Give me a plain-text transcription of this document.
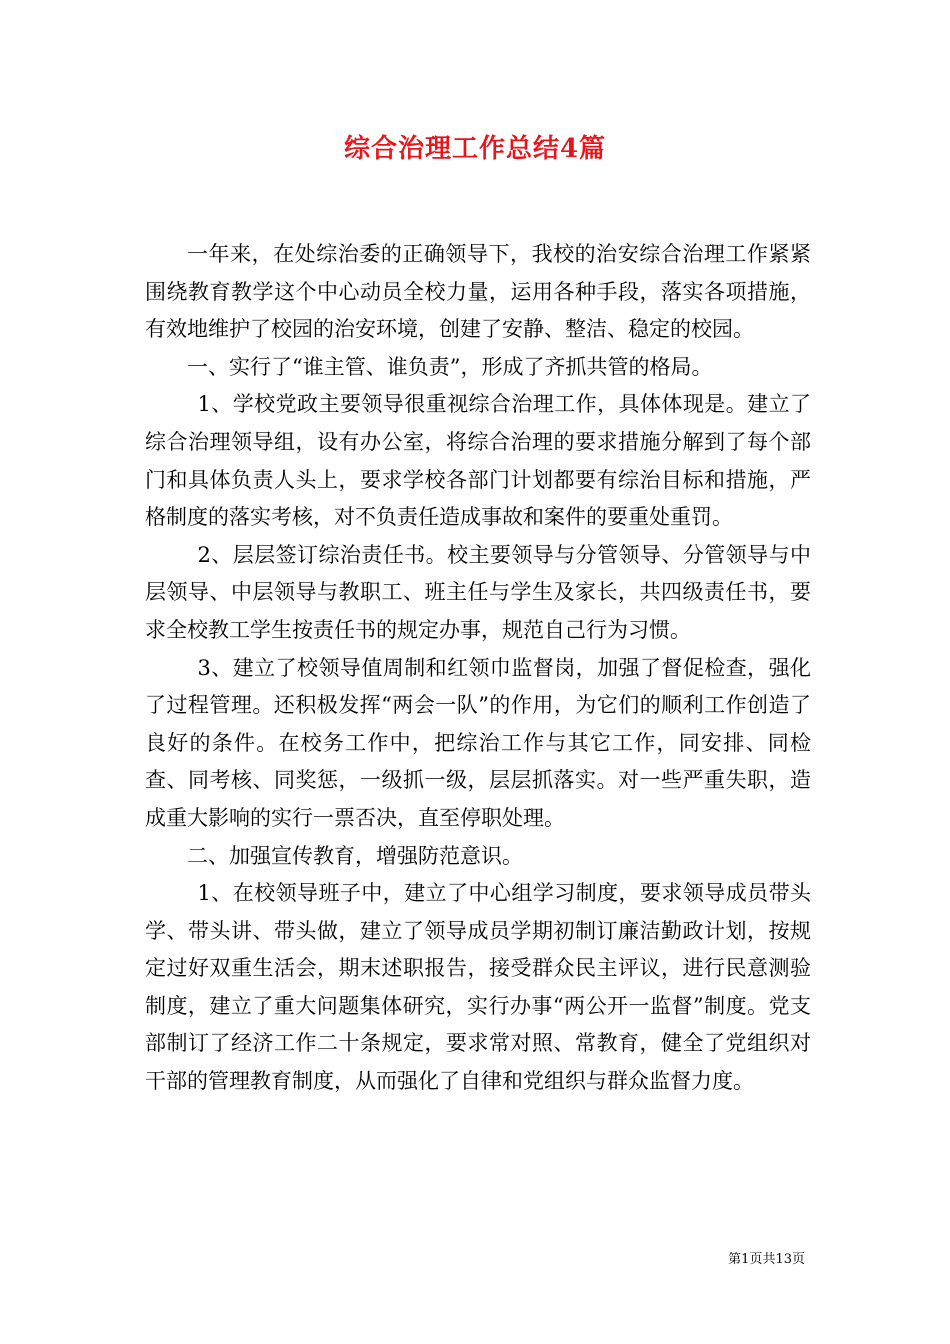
综合治理工作总结4篇

一年来，在处综治委的正确领导下，我校的治安综合治理工作紧紧围绕教育教学这个中心动员全校力量，运用各种手段，落实各项措施，有效地维护了校园的治安环境，创建了安静、整洁、稳定的校园。

一、实行了“谁主管、谁负责”，形成了齐抓共管的格局。

1、学校党政主要领导很重视综合治理工作，具体体现是。建立了综合治理领导组，设有办公室，将综合治理的要求措施分解到了每个部门和具体负责人头上，要求学校各部门计划都要有综治目标和措施，严格制度的落实考核，对不负责任造成事故和案件的要重处重罚。

2、层层签订综治责任书。校主要领导与分管领导、分管领导与中层领导、中层领导与教职工、班主任与学生及家长，共四级责任书，要求全校教工学生按责任书的规定办事，规范自己行为习惯。

3、建立了校领导值周制和红领巾监督岗，加强了督促检查，强化了过程管理。还积极发挥“两会一队”的作用，为它们的顺利工作创造了良好的条件。在校务工作中，把综治工作与其它工作，同安排、同检查、同考核、同奖惩，一级抓一级，层层抓落实。对一些严重失职，造成重大影响的实行一票否决，直至停职处理。

二、加强宣传教育，增强防范意识。

1、在校领导班子中，建立了中心组学习制度，要求领导成员带头学、带头讲、带头做，建立了领导成员学期初制订廉洁勤政计划，按规定过好双重生活会，期末述职报告，接受群众民主评议，进行民意测验制度，建立了重大问题集体研究，实行办事“两公开一监督”制度。党支部制订了经济工作二十条规定，要求常对照、常教育，健全了党组织对干部的管理教育制度，从而强化了自律和党组织与群众监督力度。

第1页共13页
